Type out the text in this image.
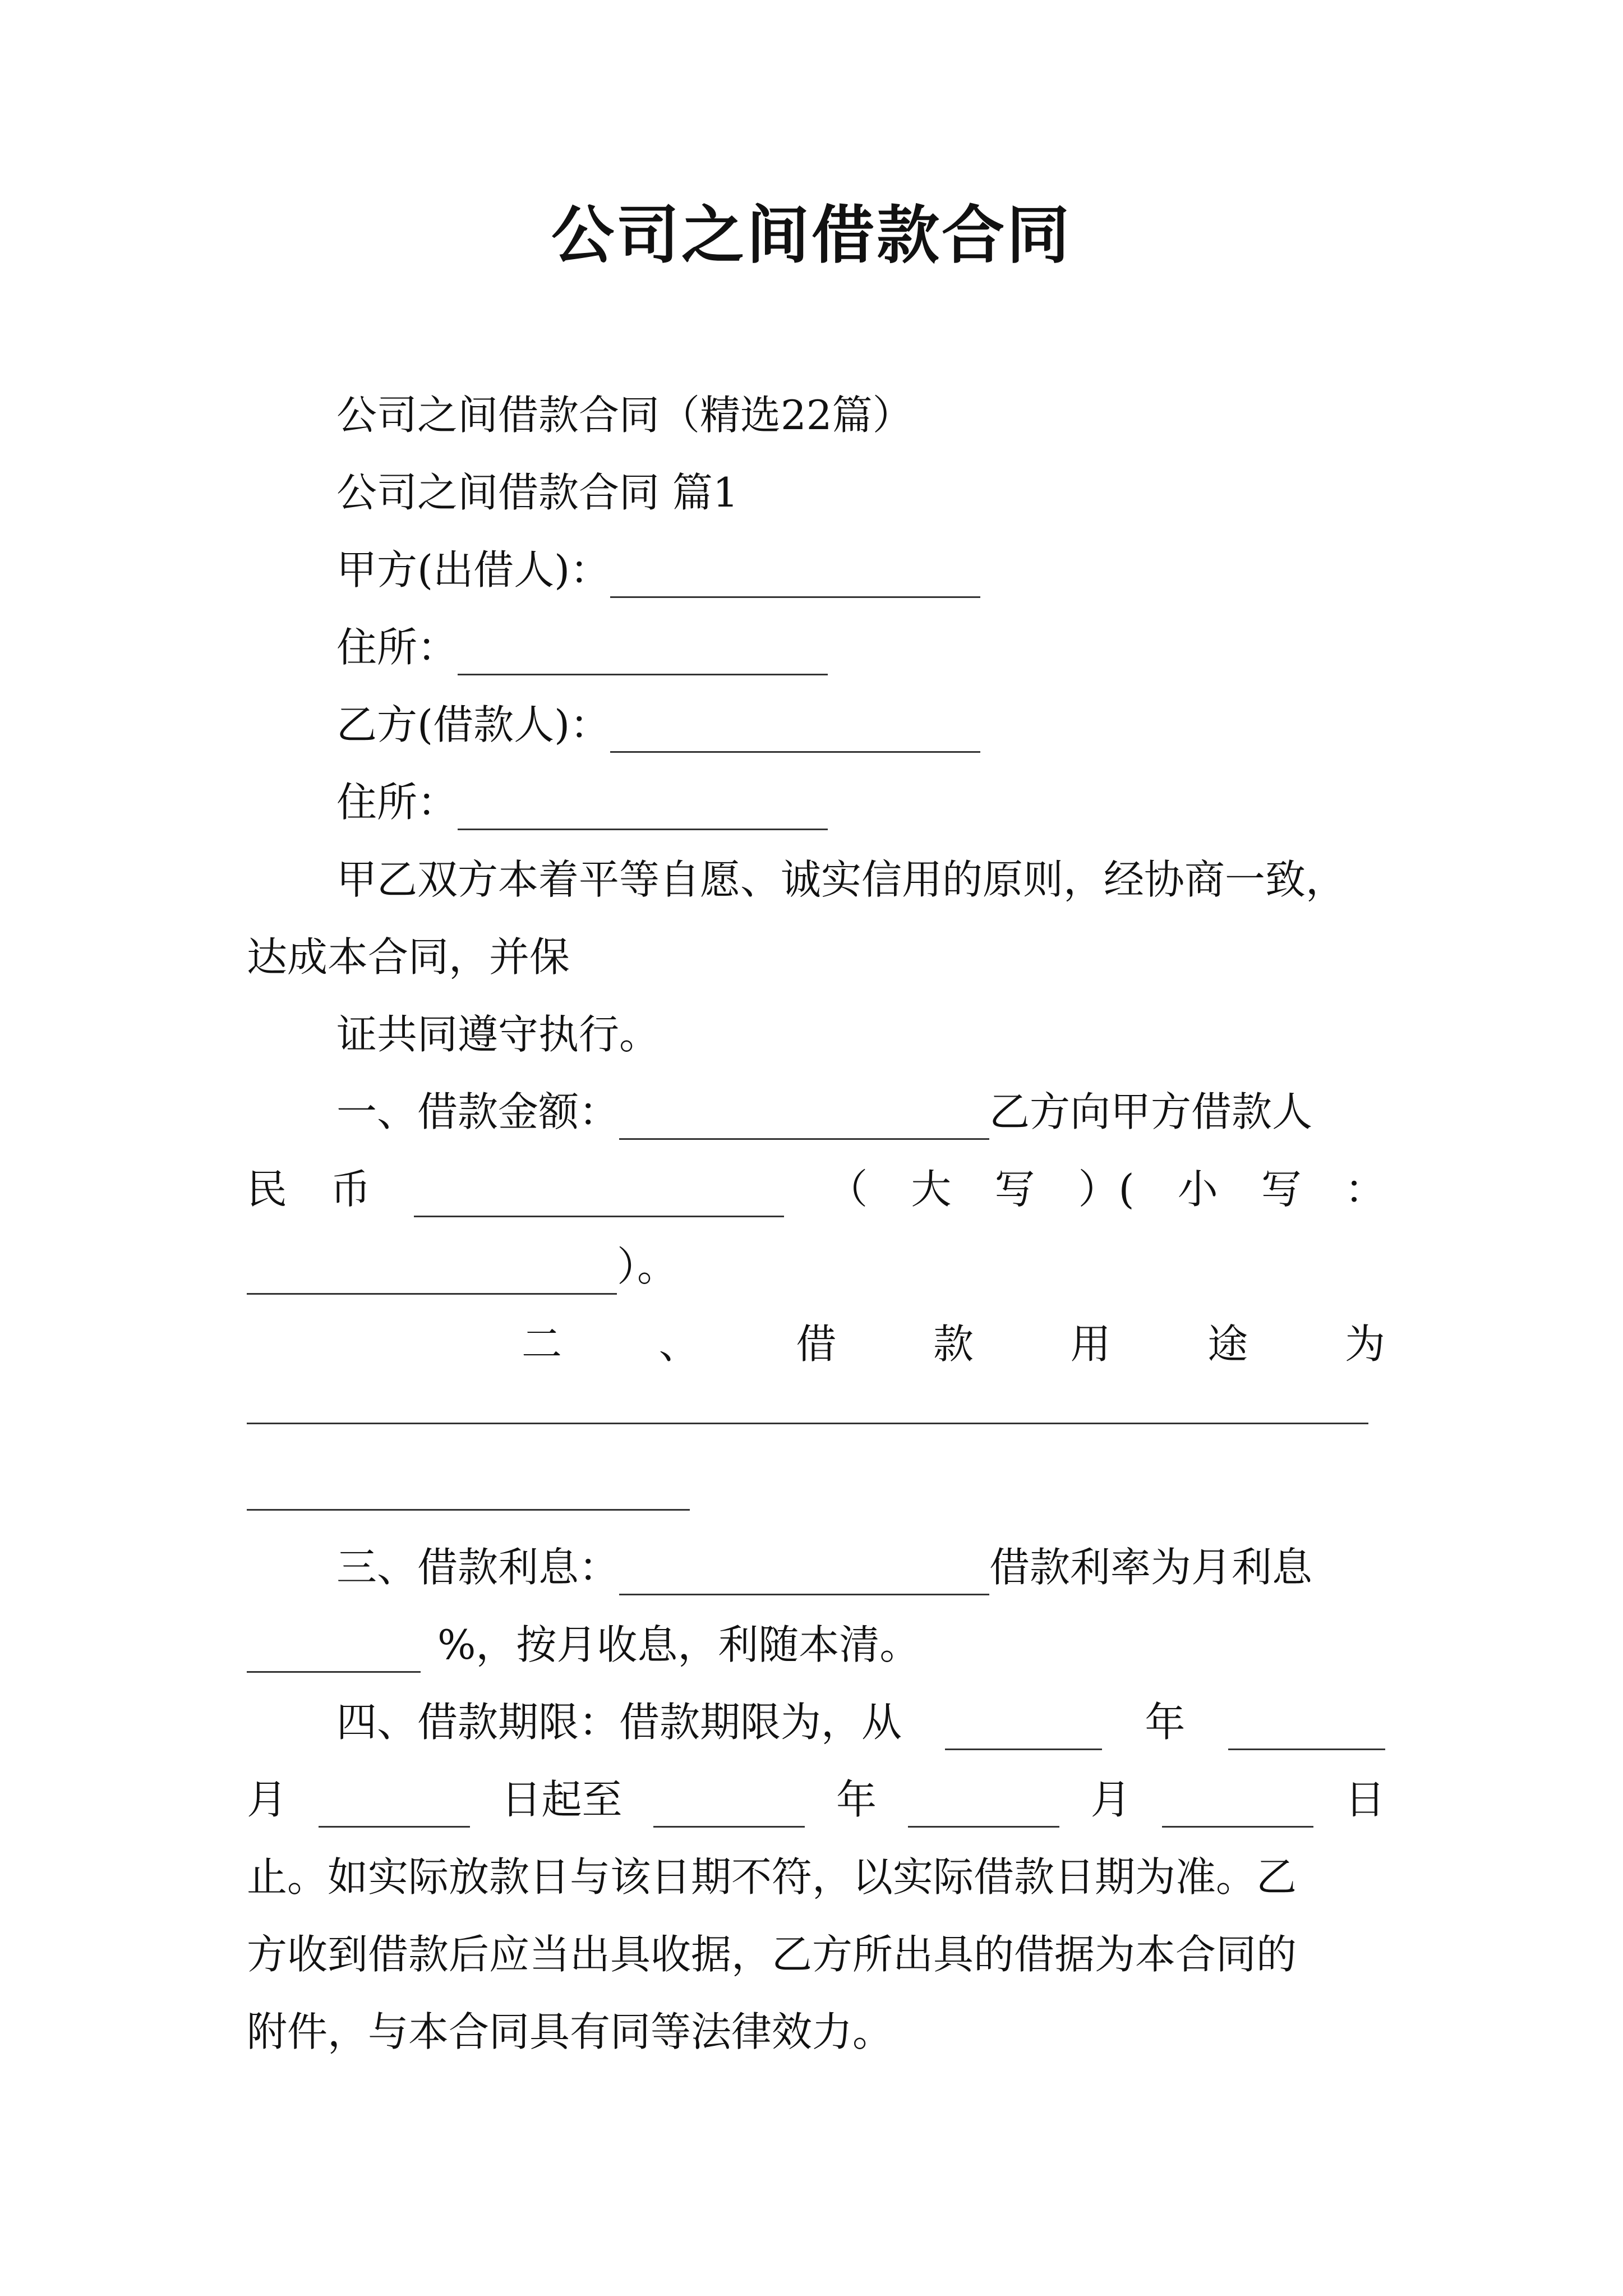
公司之间借款合同
公司之间借款合同（精选22篇）
公司之间借款合同 篇1
甲方(出借人)：
住所：
乙方(借款人)：
住所：
甲乙双方本着平等自愿、诚实信用的原则，经协商一致，
达成本合同，并保
证共同遵守执行。
一、借款金额：	乙方向甲方借款人
民 币	（ 大 写 ）( 小 写 ：
）。
二 、 借 款 用 途 为
三、借款利息：	借款利率为月利息
%，按月收息，利随本清。
四、借款期限：借款期限为，从	年
月	日起至	年	月	日
止。如实际放款日与该日期不符，以实际借款日期为准。乙
方收到借款后应当出具收据，乙方所出具的借据为本合同的
附件，与本合同具有同等法律效力。
